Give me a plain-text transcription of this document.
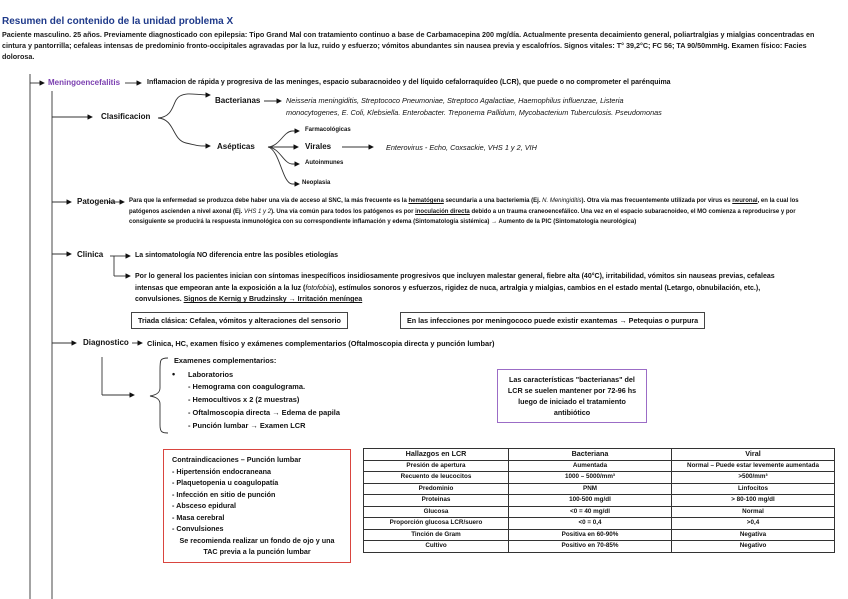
Resumen del contenido de la unidad problema X
Paciente masculino. 25 años. Previamente diagnosticado con epilepsia: Tipo Grand Mal con tratamiento continuo a base de Carbamacepina 200 mg/día. Actualmente presenta decaimiento general, poliartralgias y mialgias concentradas en cintura y pantorrilla; cefaleas intensas de predominio fronto-occipitales agravadas por la luz, ruido y esfuerzo; vómitos abundantes sin nausea previa y escalofríos. Signos vitales: T° 39,2°C; FC 56; TA 90/50mmHg. Examen físico: Facies dolorosa.
Meningoencefalitis	Inflamacion de rápida y progresiva de las meninges, espacio subaracnoideo y del líquido cefalorraquídeo (LCR), que puede o no comprometer el parénquima
Clasificacion
Bacterianas	Neisseria meningiditis, Streptococo Pneumoniae, Streptoco Agalactiae, Haemophilus influenzae, Listeria
monocytogenes, E. Coli, Klebsiella. Enterobacter. Treponema Pallidum, Mycobacterium Tuberculosis. Pseudomonas
Asépticas
Farmacológicas
Virales	Enterovirus - Echo, Coxsackie, VHS 1 y 2, VIH
Autoinmunes
Neoplasia
Patogenia Para que la enfermedad se produzca debe haber una vía de acceso al SNC, la más frecuente es la hematógena secundaria a una bacteriemia (Ej. N. Meningiditis). Otra vía mas frecuentemente utilizada por virus es neuronal, en la cual los patógenos ascienden a nivel axonal (Ej. VHS 1 y 2). Una vía común para todos los patógenos es por inoculación directa debido a un trauma craneoencefálico. Una vez en el espacio subaracnoideo, el MO comienza a reproducirse y por consiguiente se producirá la respuesta inmunológica con su correspondiente inflamación y edema (Sintomatología sistémica) → Aumento de la PIC (Sintomatología neurológica)
Clinica	La sintomatología NO diferencia entre las posibles etiologías
Por lo general los pacientes inician con síntomas inespecíficos insidiosamente progresivos que incluyen malestar general, fiebre alta (40°C), irritabilidad, vómitos sin nauseas previas, cefaleas intensas que empeoran ante la exposición a la luz (fotofobia), estímulos sonoros y esfuerzos, rigidez de nuca, artralgia y mialgias, cambios en el estado mental (Letargo, obnubilación, etc.), convulsiones. Signos de Kernig y Brudzinsky → Irritación meníngea
Triada clásica: Cefalea, vómitos y alteraciones del sensorio	En las infecciones por meningococo puede existir exantemas → Petequias o purpura
Diagnostico Clinica, HC, examen físico y exámenes complementarios (Oftalmoscopia directa y punción lumbar)
Examenes complementarios:
• Laboratorios
- Hemograma con coagulograma.
- Hemocultivos x 2 (2 muestras)
- Oftalmoscopia directa → Edema de papila
- Punción lumbar → Examen LCR
Las características "bacterianas" del LCR se suelen mantener por 72-96 hs luego de iniciado el tratamiento antibiótico
Contraindicaciones – Punción lumbar
- Hipertensión endocraneana
- Plaquetopenia u coagulopatía
- Infección en sitio de punción
- Absceso epidural
- Masa cerebral
- Convulsiones
Se recomienda realizar un fondo de ojo y una TAC previa a la punción lumbar
Hallazgos en LCR	Bacteriana	Viral
Presión de apertura	Aumentada	Normal – Puede estar levemente aumentada
Recuento de leucocitos	1000 – 5000/mm³	>500/mm³
Predominio	PNM	Linfocitos
Proteinas	100-500 mg/dl	> 80-100 mg/dl
Glucosa	<0 = 40 mg/dl	Normal
Proporción glucosa LCR/suero	<0 = 0,4	>0,4
Tinción de Gram	Positiva en 60-90%	Negativa
Cultivo	Positivo en 70-85%	Negativo
